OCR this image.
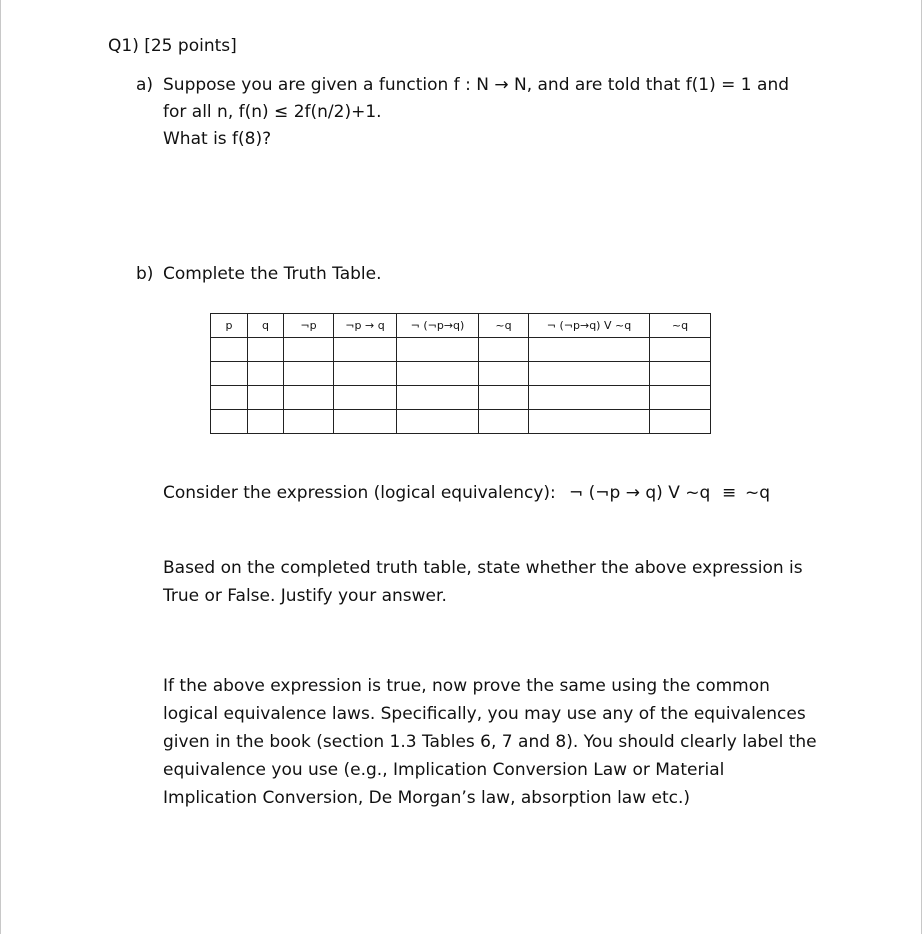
Q1) [25 points]
a) Suppose you are given a function f : N → N, and are told that f(1) = 1 and
for all n, f(n) ≤ 2f(n/2)+1.
What is f(8)?
b) Complete the Truth Table.
p	q	¬p	¬p → q	¬ (¬p→q)	~q	¬ (¬p→q) V ~q	~q

Consider the expression (logical equivalency): ¬ (¬p → q) V ~q ≡ ~q
Based on the completed truth table, state whether the above expression is True or False. Justify your answer.
If the above expression is true, now prove the same using the common logical equivalence laws. Specifically, you may use any of the equivalences given in the book (section 1.3 Tables 6, 7 and 8). You should clearly label the equivalence you use (e.g., Implication Conversion Law or Material Implication Conversion, De Morgan’s law, absorption law etc.)
